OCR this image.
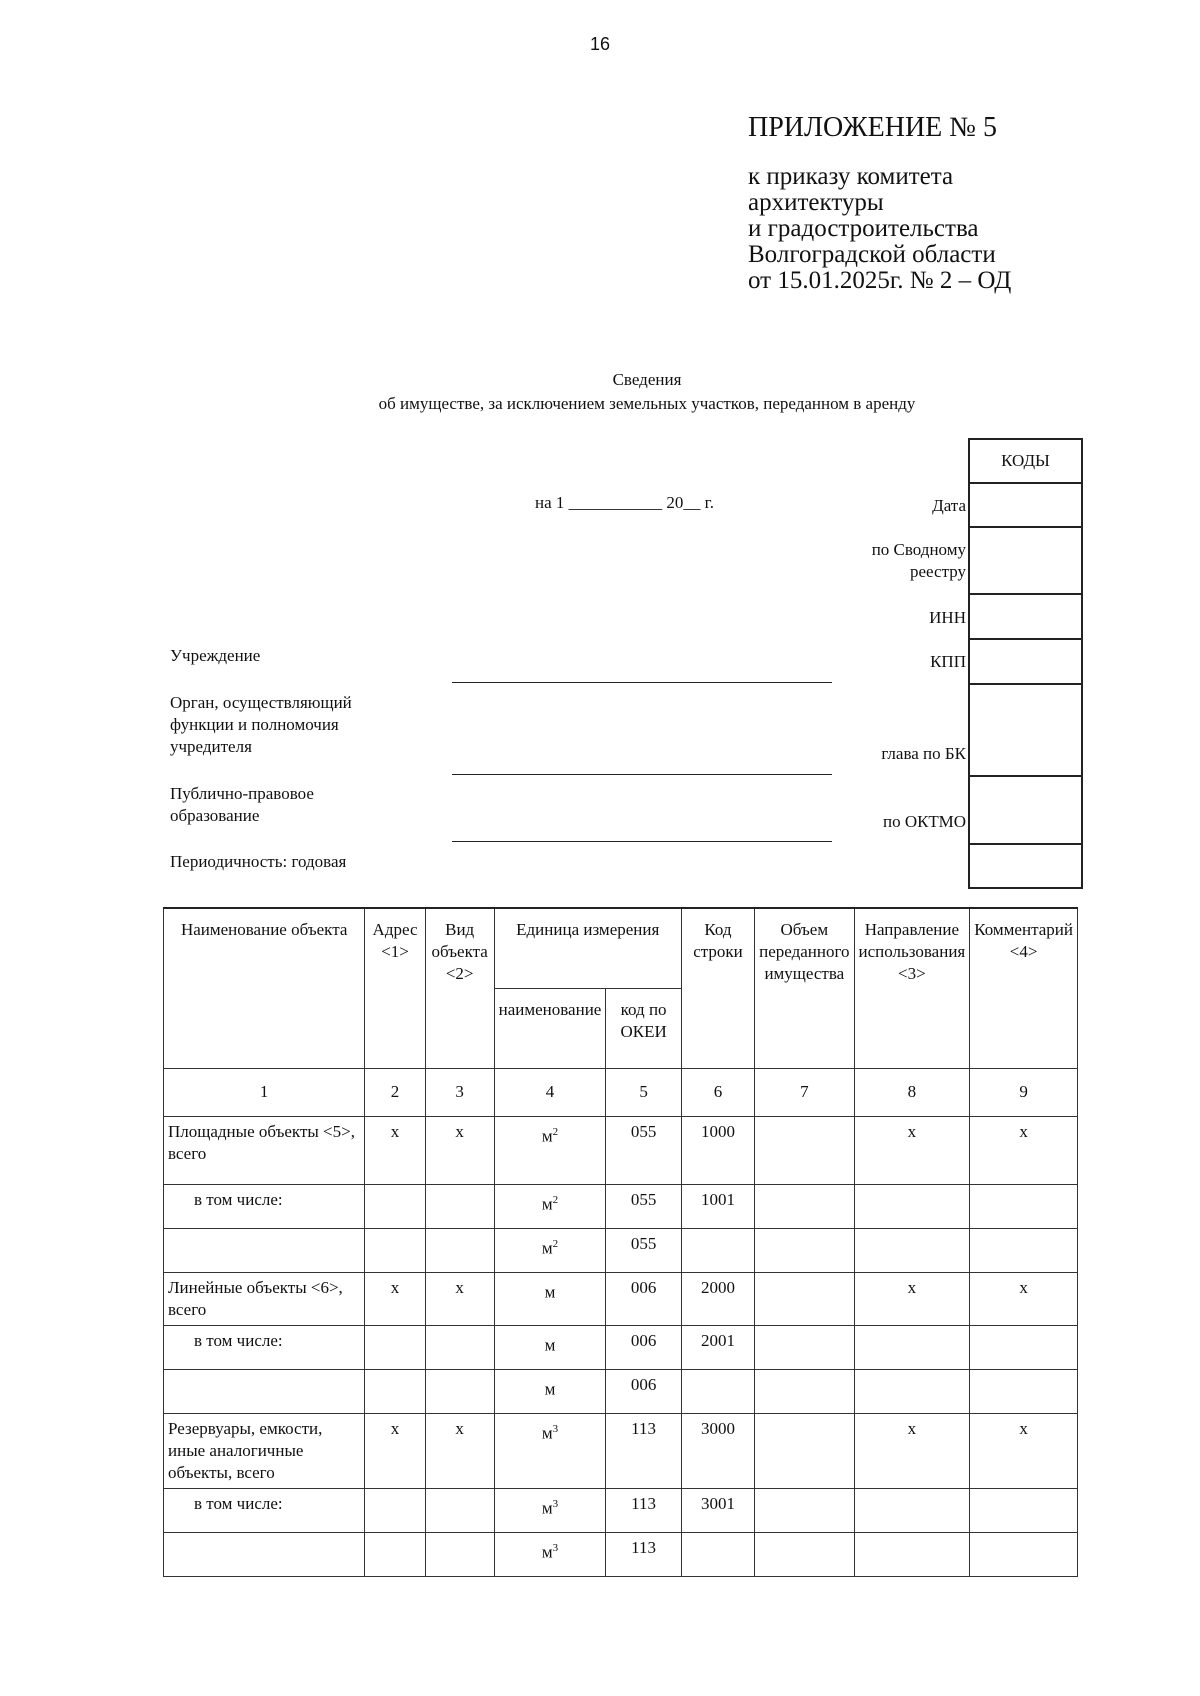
16
ПРИЛОЖЕНИЕ № 5
к приказу комитета
архитектуры
и градостроительства
Волгоградской области
от 15.01.2025г. № 2 – ОД
Сведения
об имуществе, за исключением земельных участков, переданном в аренду
на 1 ___________ 20__ г.
Учреждение
Орган, осуществляющий
функции и полномочия
учредителя
Публично-правовое
образование
Периодичность: годовая
Дата
по Сводному
реестру
ИНН
КПП
глава по БК
по ОКТМО
КОДЫ

Наименование объекта	Адрес <1>	Вид объекта <2>	Единица измерения		Код строки	Объем переданного имущества	Направление использования <3>	Комментарий <4>
			наименование	код по ОКЕИ				
1	2	3	4	5	6	7	8	9
Площадные объекты <5>, всего	x	x	$м^2$	055	1000		x	x
в том числе:			$м^2$	055	1001			
			$м^2$	055				
Линейные объекты <6>, всего	x	x	м	006	2000		x	x
в том числе:			м	006	2001			
			м	006				
Резервуары, емкости, иные аналогичные объекты, всего	x	x	$м^3$	113	3000		x	x
в том числе:			$м^3$	113	3001			
			$м^3$	113				
